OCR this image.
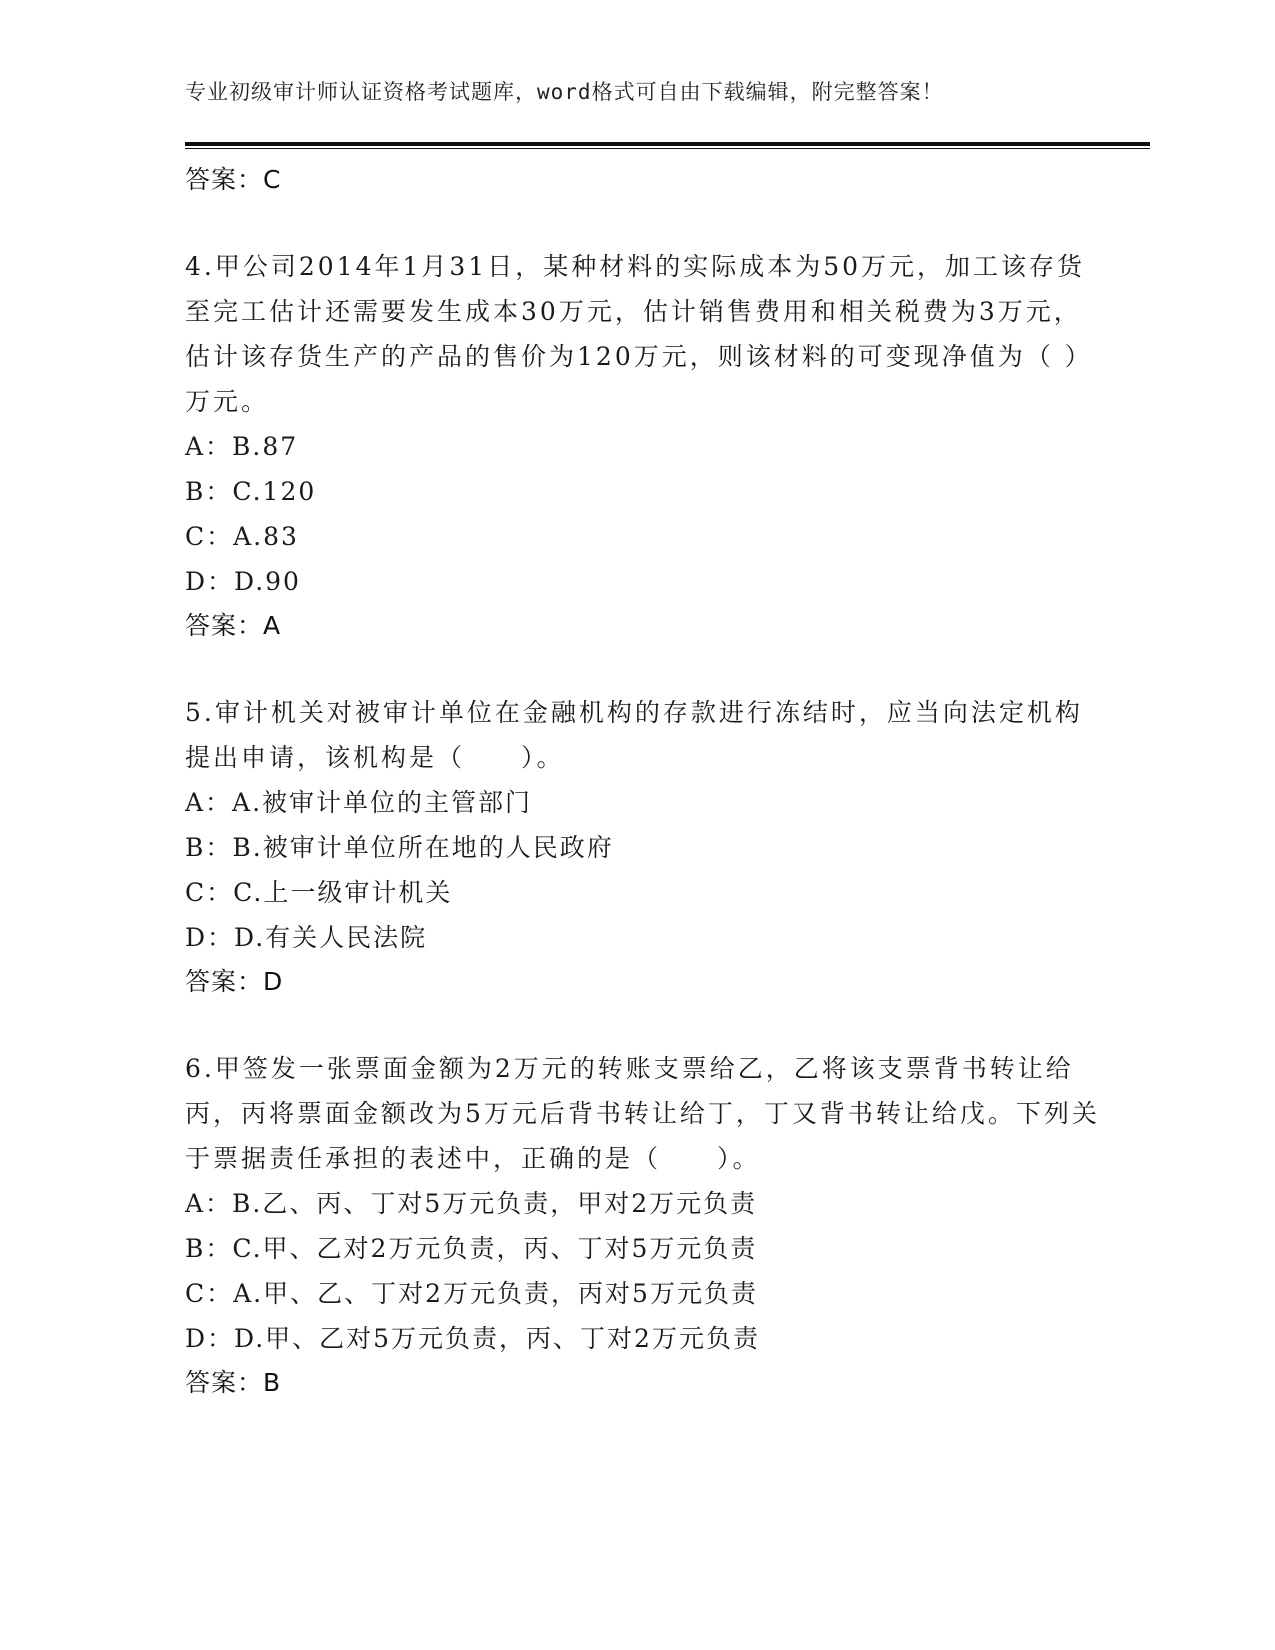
专业初级审计师认证资格考试题库，word格式可自由下载编辑，附完整答案！
答案：C
4.甲公司2014年1月31日，某种材料的实际成本为50万元，加工该存货至完工估计还需要发生成本30万元，估计销售费用和相关税费为3万元，估计该存货生产的产品的售价为120万元，则该材料的可变现净值为（ ）万元。
A：B.87
B：C.120
C：A.83
D：D.90
答案：A
5.审计机关对被审计单位在金融机构的存款进行冻结时，应当向法定机构提出申请，该机构是（　　）。
A：A.被审计单位的主管部门
B：B.被审计单位所在地的人民政府
C：C.上一级审计机关
D：D.有关人民法院
答案：D
6.甲签发一张票面金额为2万元的转账支票给乙，乙将该支票背书转让给丙，丙将票面金额改为5万元后背书转让给丁，丁又背书转让给戊。下列关于票据责任承担的表述中，正确的是（　　）。
A：B.乙、丙、丁对5万元负责，甲对2万元负责
B：C.甲、乙对2万元负责，丙、丁对5万元负责
C：A.甲、乙、丁对2万元负责，丙对5万元负责
D：D.甲、乙对5万元负责，丙、丁对2万元负责
答案：B
